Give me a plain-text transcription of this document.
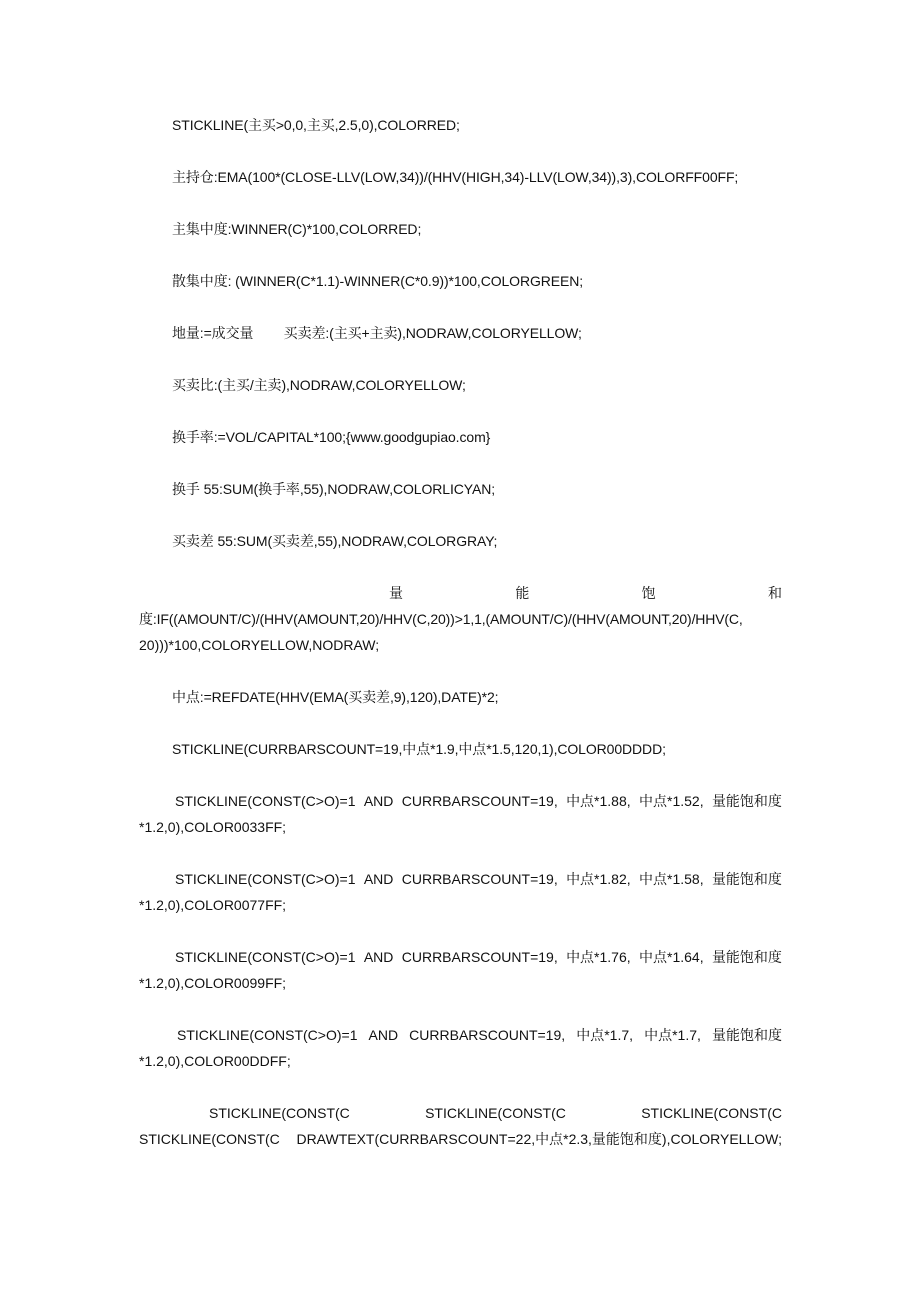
STICKLINE(主买>0,0,主买,2.5,0),COLORRED;
主持仓:EMA(100*(CLOSE-LLV(LOW,34))/(HHV(HIGH,34)-LLV(LOW,34)),3),COLORFF00FF;
主集中度:WINNER(C)*100,COLORRED;
散集中度: (WINNER(C*1.1)-WINNER(C*0.9))*100,COLORGREEN;
地量:=成交量        买卖差:(主买+主卖),NODRAW,COLORYELLOW;
买卖比:(主买/主卖),NODRAW,COLORYELLOW;
换手率:=VOL/CAPITAL*100;{www.goodgupiao.com}
换手 55:SUM(换手率,55),NODRAW,COLORLICYAN;
买卖差 55:SUM(买卖差,55),NODRAW,COLORGRAY;
量	能	饱	和
度:IF((AMOUNT/C)/(HHV(AMOUNT,20)/HHV(C,20))>1,1,(AMOUNT/C)/(HHV(AMOUNT,20)/HHV(C,
20)))*100,COLORYELLOW,NODRAW;
中点:=REFDATE(HHV(EMA(买卖差,9),120),DATE)*2;
STICKLINE(CURRBARSCOUNT=19,中点*1.9,中点*1.5,120,1),COLOR00DDDD;
STICKLINE(CONST(C>O)=1 AND CURRBARSCOUNT=19, 中点*1.88, 中点*1.52, 量能饱和度
*1.2,0),COLOR0033FF;
STICKLINE(CONST(C>O)=1 AND CURRBARSCOUNT=19, 中点*1.82, 中点*1.58, 量能饱和度
*1.2,0),COLOR0077FF;
STICKLINE(CONST(C>O)=1 AND CURRBARSCOUNT=19, 中点*1.76, 中点*1.64, 量能饱和度
*1.2,0),COLOR0099FF;
STICKLINE(CONST(C>O)=1 AND CURRBARSCOUNT=19, 中点*1.7, 中点*1.7, 量能饱和度
*1.2,0),COLOR00DDFF;
STICKLINE(CONST(C	STICKLINE(CONST(C	STICKLINE(CONST(C
STICKLINE(CONST(C DRAWTEXT(CURRBARSCOUNT=22,中点*2.3,量能饱和度),COLORYELLOW;
